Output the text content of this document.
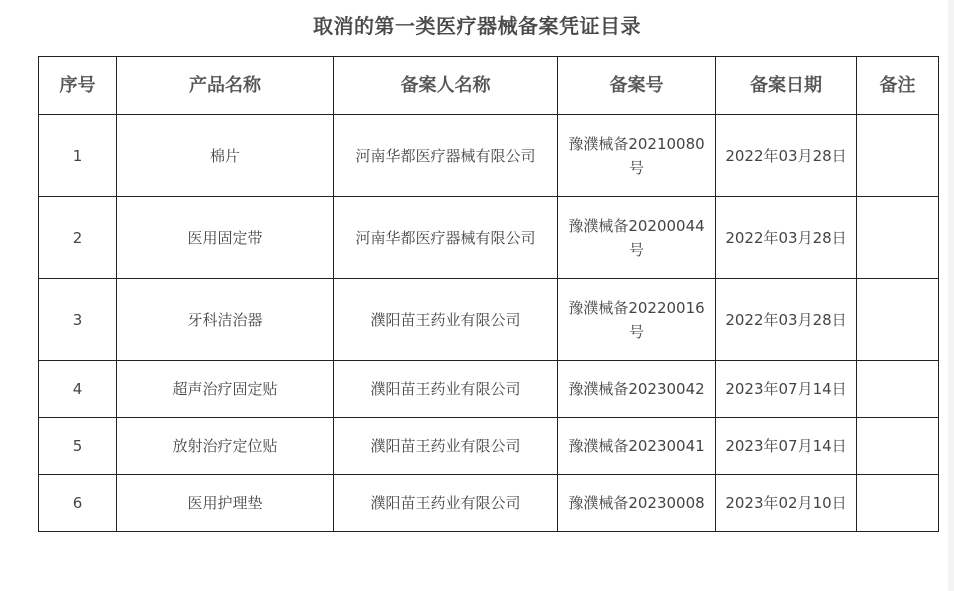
取消的第一类医疗器械备案凭证目录
序号	产品名称	备案人名称	备案号	备案日期	备注
1	棉片	河南华都医疗器械有限公司	豫濮械备20210080号	2022年03月28日	
2	医用固定带	河南华都医疗器械有限公司	豫濮械备20200044号	2022年03月28日	
3	牙科洁治器	濮阳苗王药业有限公司	豫濮械备20220016号	2022年03月28日	
4	超声治疗固定贴	濮阳苗王药业有限公司	豫濮械备20230042	2023年07月14日	
5	放射治疗定位贴	濮阳苗王药业有限公司	豫濮械备20230041	2023年07月14日	
6	医用护理垫	濮阳苗王药业有限公司	豫濮械备20230008	2023年02月10日	
